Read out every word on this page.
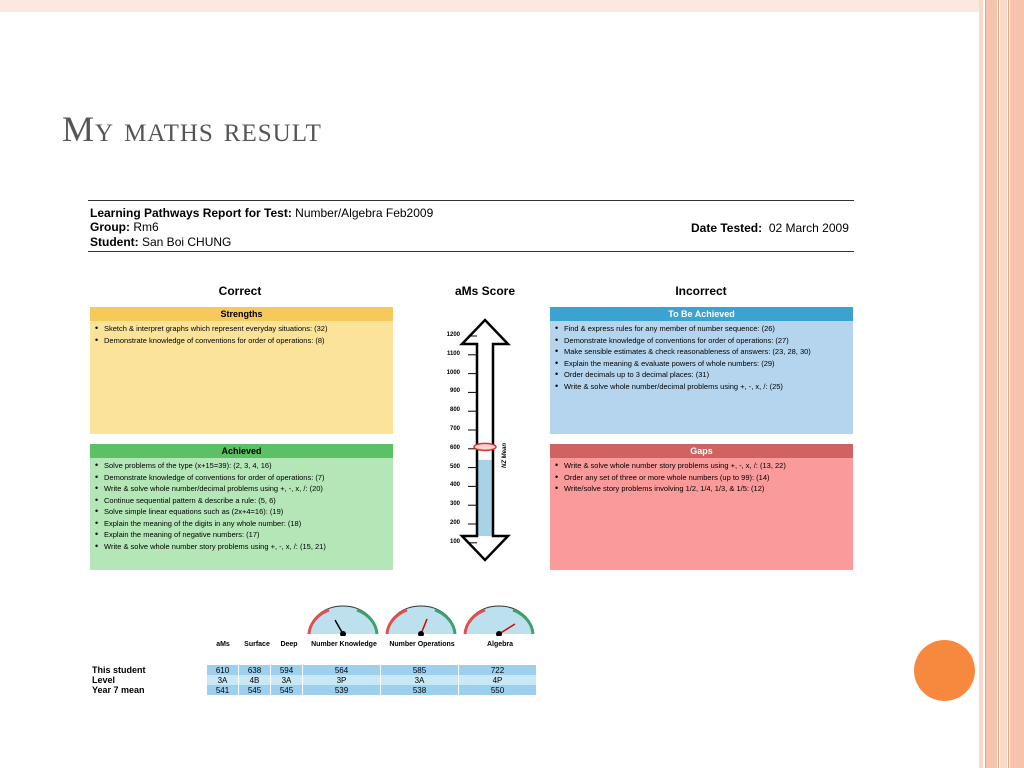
My maths result
Learning Pathways Report for Test: Number/Algebra Feb2009
Group: Rm6
Student: San Boi CHUNG
Date Tested: 02 March 2009
Correct	aMs Score	Incorrect
Strengths
• Sketch & interpret graphs which represent everyday situations: (32)
• Demonstrate knowledge of conventions for order of operations: (8)
Achieved
• Solve problems of the type (x+15=39): (2, 3, 4, 16)
• Demonstrate knowledge of conventions for order of operations: (7)
• Write & solve whole number/decimal problems using +, -, x, /: (20)
• Continue sequential pattern & describe a rule: (5, 6)
• Solve simple linear equations such as (2x+4=16): (19)
• Explain the meaning of the digits in any whole number: (18)
• Explain the meaning of negative numbers: (17)
• Write & solve whole number story problems using +, -, x, /: (15, 21)
To Be Achieved
• Find & express rules for any member of number sequence: (26)
• Demonstrate knowledge of conventions for order of operations: (27)
• Make sensible estimates & check reasonableness of answers: (23, 28, 30)
• Explain the meaning & evaluate powers of whole numbers: (29)
• Order decimals up to 3 decimal places: (31)
• Write & solve whole number/decimal problems using +, -, x, /: (25)
Gaps
• Write & solve whole number story problems using +, -, x, /: (13, 22)
• Order any set of three or more whole numbers (up to 99): (14)
• Write/solve story problems involving 1/2, 1/4, 1/3, & 1/5: (12)
1200
1100
1000
900
800
700
600
500
400
300
200
100
NZ Mean
aMs	Surface	Deep	Number Knowledge	Number Operations	Algebra
This student	610	638	594	564	585	722
Level	3A	4B	3A	3P	3A	4P
Year 7 mean	541	545	545	539	538	550
